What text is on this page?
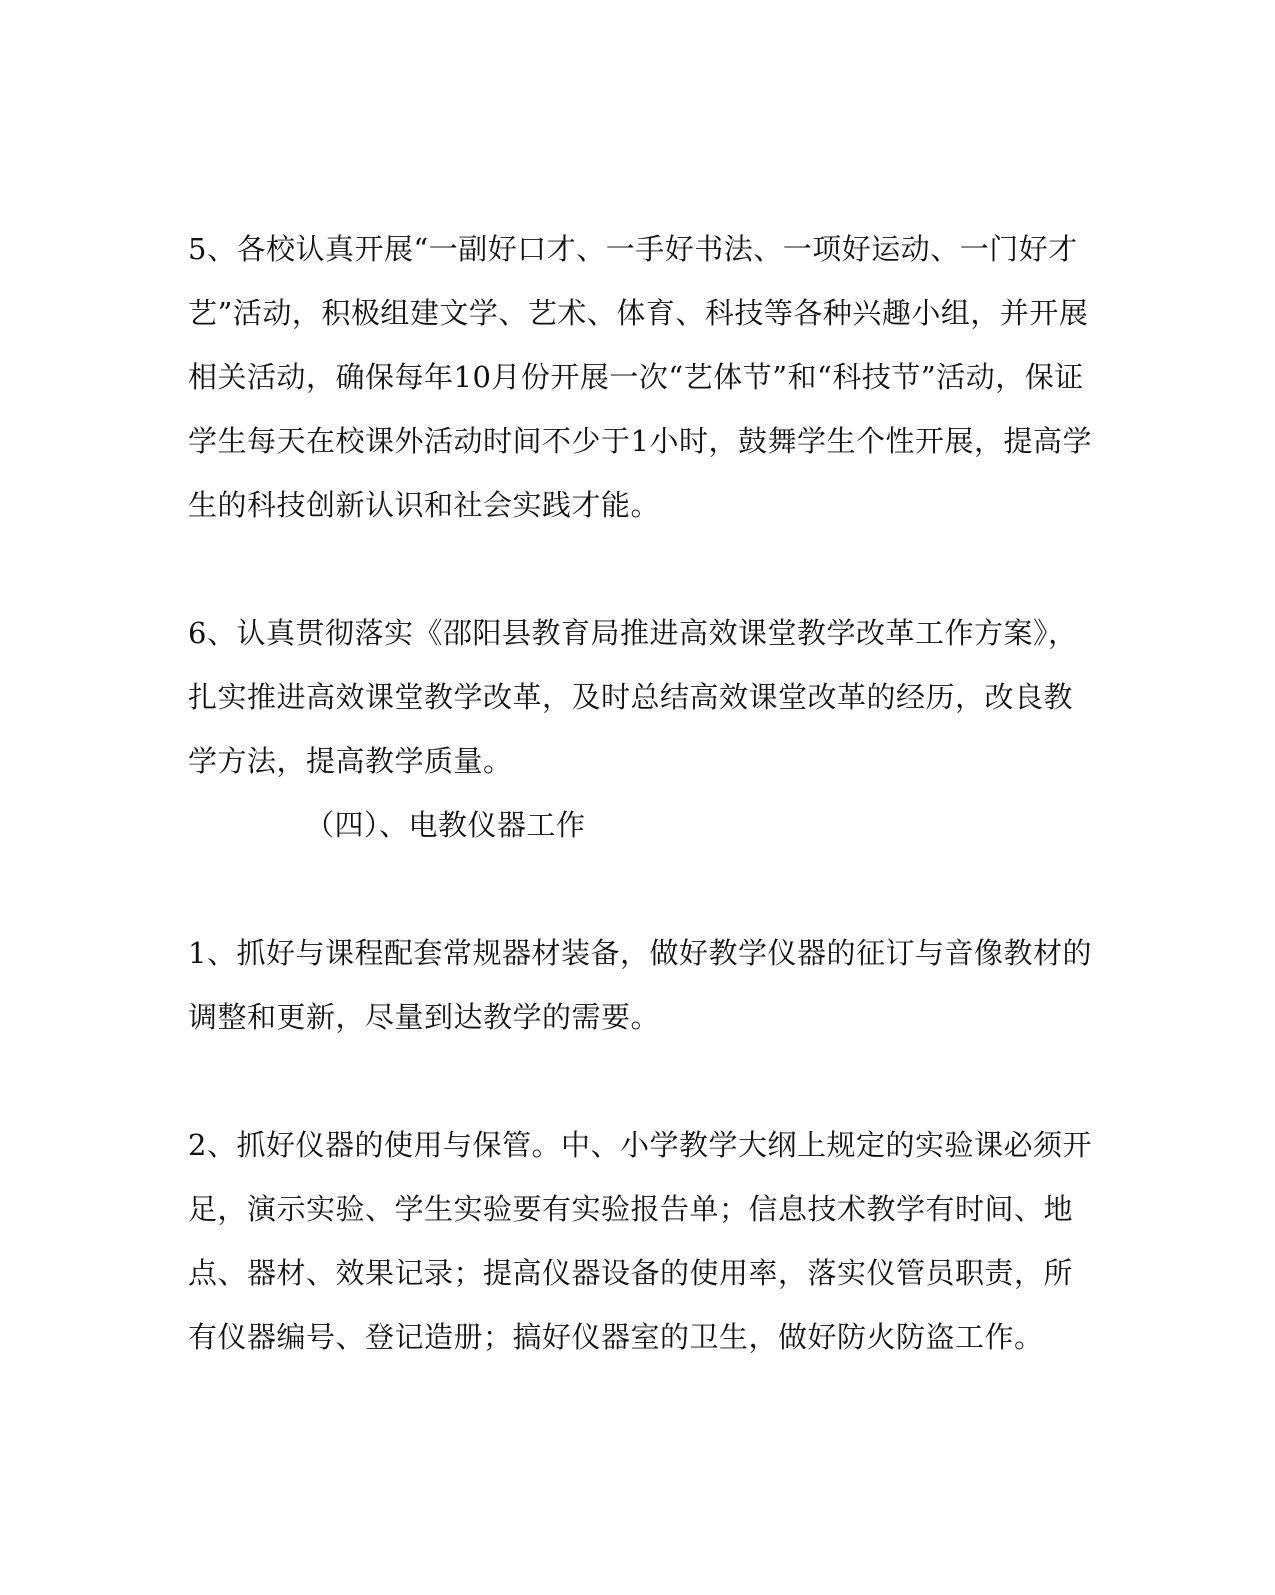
5、各校认真开展“一副好口才、一手好书法、一项好运动、一门好才
艺”活动，积极组建文学、艺术、体育、科技等各种兴趣小组，并开展
相关活动，确保每年10月份开展一次“艺体节”和“科技节”活动，保证
学生每天在校课外活动时间不少于1小时，鼓舞学生个性开展，提高学
生的科技创新认识和社会实践才能。
6、认真贯彻落实《邵阳县教育局推进高效课堂教学改革工作方案》，
扎实推进高效课堂教学改革，及时总结高效课堂改革的经历，改良教
学方法，提高教学质量。
（四）、电教仪器工作
1、抓好与课程配套常规器材装备，做好教学仪器的征订与音像教材的
调整和更新，尽量到达教学的需要。
2、抓好仪器的使用与保管。中、小学教学大纲上规定的实验课必须开
足，演示实验、学生实验要有实验报告单；信息技术教学有时间、地
点、器材、效果记录；提高仪器设备的使用率，落实仪管员职责，所
有仪器编号、登记造册；搞好仪器室的卫生，做好防火防盗工作。
